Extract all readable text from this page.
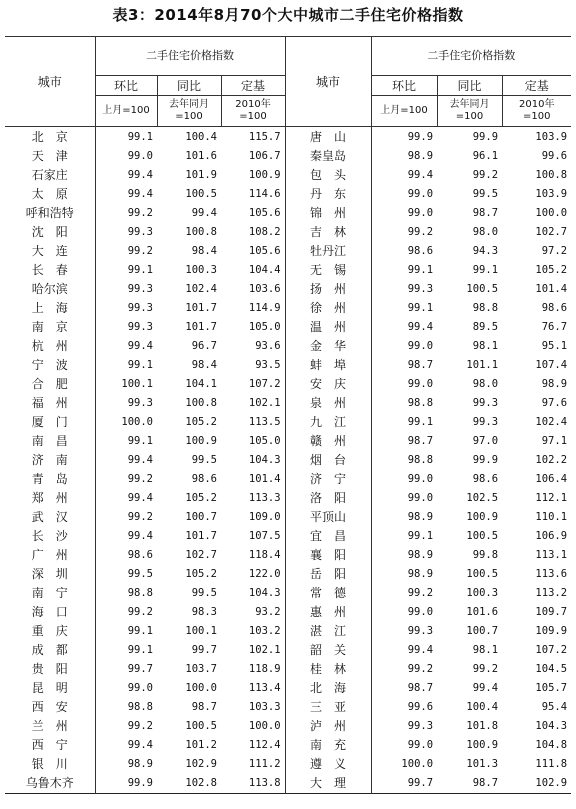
表3：2014年8月70个大中城市二手住宅价格指数
城市	二手住宅价格指数			城市	二手住宅价格指数		
	环比	同比	定基		环比	同比	定基
	上月=100	去年同月=100	2010年=100		上月=100	去年同月=100	2010年=100
北　京	99.1	100.4	115.7	唐　山	99.9	99.9	103.9
天　津	99.0	101.6	106.7	秦皇岛	98.9	96.1	99.6
石家庄	99.4	101.9	100.9	包　头	99.4	99.2	100.8
太　原	99.4	100.5	114.6	丹　东	99.0	99.5	103.9
呼和浩特	99.2	99.4	105.6	锦　州	99.0	98.7	100.0
沈　阳	99.3	100.8	108.2	吉　林	99.2	98.0	102.7
大　连	99.2	98.4	105.6	牡丹江	98.6	94.3	97.2
长　春	99.1	100.3	104.4	无　锡	99.1	99.1	105.2
哈尔滨	99.3	102.4	103.6	扬　州	99.3	100.5	101.4
上　海	99.3	101.7	114.9	徐　州	99.1	98.8	98.6
南　京	99.3	101.7	105.0	温　州	99.4	89.5	76.7
杭　州	99.4	96.7	93.6	金　华	99.0	98.1	95.1
宁　波	99.1	98.4	93.5	蚌　埠	98.7	101.1	107.4
合　肥	100.1	104.1	107.2	安　庆	99.0	98.0	98.9
福　州	99.3	100.8	102.1	泉　州	98.8	99.3	97.6
厦　门	100.0	105.2	113.5	九　江	99.1	99.3	102.4
南　昌	99.1	100.9	105.0	赣　州	98.7	97.0	97.1
济　南	99.4	99.5	104.3	烟　台	98.8	99.9	102.2
青　岛	99.2	98.6	101.4	济　宁	99.0	98.6	106.4
郑　州	99.4	105.2	113.3	洛　阳	99.0	102.5	112.1
武　汉	99.2	100.7	109.0	平顶山	98.9	100.9	110.1
长　沙	99.4	101.7	107.5	宜　昌	99.1	100.5	106.9
广　州	98.6	102.7	118.4	襄　阳	98.9	99.8	113.1
深　圳	99.5	105.2	122.0	岳　阳	98.9	100.5	113.6
南　宁	98.8	99.5	104.3	常　德	99.2	100.3	113.2
海　口	99.2	98.3	93.2	惠　州	99.0	101.6	109.7
重　庆	99.1	100.1	103.2	湛　江	99.3	100.7	109.9
成　都	99.1	99.7	102.1	韶　关	99.4	98.1	107.2
贵　阳	99.7	103.7	118.9	桂　林	99.2	99.2	104.5
昆　明	99.0	100.0	113.4	北　海	98.7	99.4	105.7
西　安	98.8	98.7	103.3	三　亚	99.6	100.4	95.4
兰　州	99.2	100.5	100.0	泸　州	99.3	101.8	104.3
西　宁	99.4	101.2	112.4	南　充	99.0	100.9	104.8
银　川	98.9	102.9	111.2	遵　义	100.0	101.3	111.8
乌鲁木齐	99.9	102.8	113.8	大　理	99.7	98.7	102.9
